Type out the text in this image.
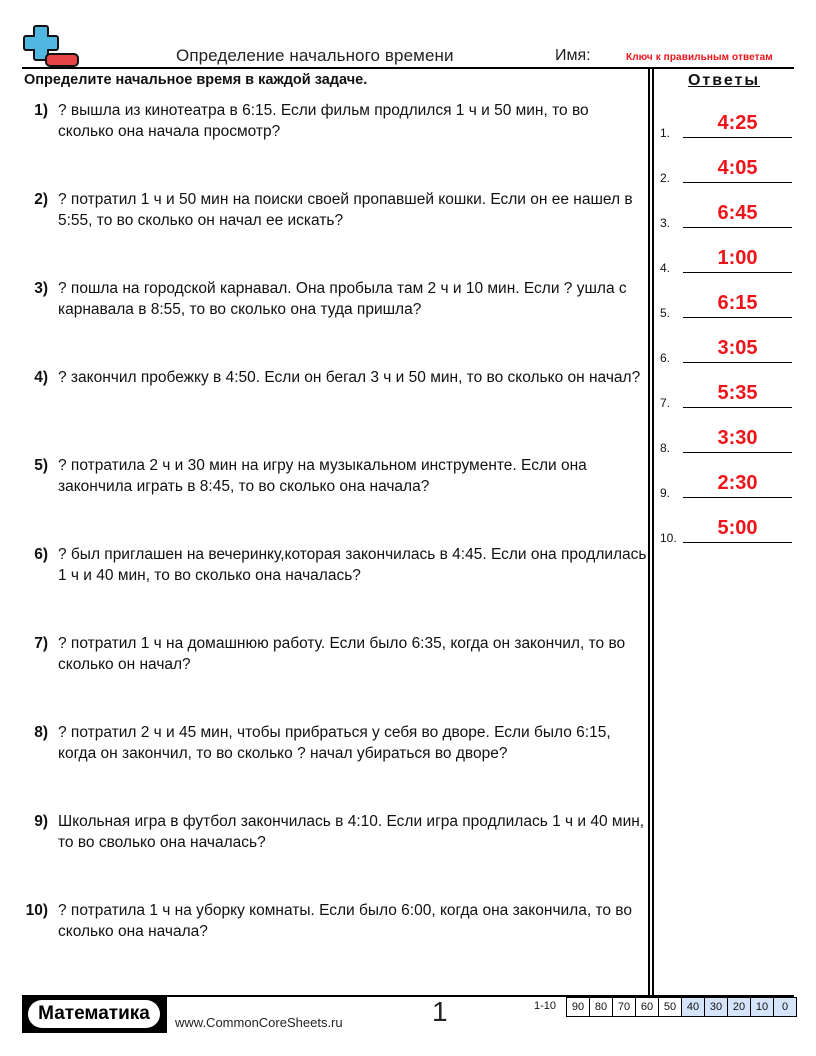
Определение начального времени	Имя:	Ключ к правильным ответам
Определите начальное время в каждой задаче.	Ответы
1) ? вышла из кинотеатра в 6:15. Если фильм продлился 1 ч и 50 мин, то во сколько она начала просмотр?
2) ? потратил 1 ч и 50 мин на поиски своей пропавшей кошки. Если он ее нашел в 5:55, то во сколько он начал ее искать?
3) ? пошла на городской карнавал. Она пробыла там 2 ч и 10 мин. Если ? ушла с карнавала в 8:55, то во сколько она туда пришла?
4) ? закончил пробежку в 4:50. Если он бегал 3 ч и 50 мин, то во сколько он начал?
5) ? потратила 2 ч и 30 мин на игру на музыкальном инструменте. Если она закончила играть в 8:45, то во сколько она начала?
6) ? был приглашен на вечеринку,которая закончилась в 4:45. Если она продлилась 1 ч и 40 мин, то во сколько она началась?
7) ? потратил 1 ч на домашнюю работу. Если было 6:35, когда он закончил, то во сколько он начал?
8) ? потратил 2 ч и 45 мин, чтобы прибраться у себя во дворе. Если было 6:15, когда он закончил, то во сколько ? начал убираться во дворе?
9) Школьная игра в футбол закончилась в 4:10. Если игра продлилась 1 ч и 40 мин, то во сволько она началась?
10) ? потратила 1 ч на уборку комнаты. Если было 6:00, когда она закончила, то во сколько она начала?
1.	4:25
2.	4:05
3.	6:45
4.	1:00
5.	6:15
6.	3:05
7.	5:35
8.	3:30
9.	2:30
10.	5:00
Математика	www.CommonCoreSheets.ru	1	1-10	90 80 70 60 50 40 30 20 10	0
